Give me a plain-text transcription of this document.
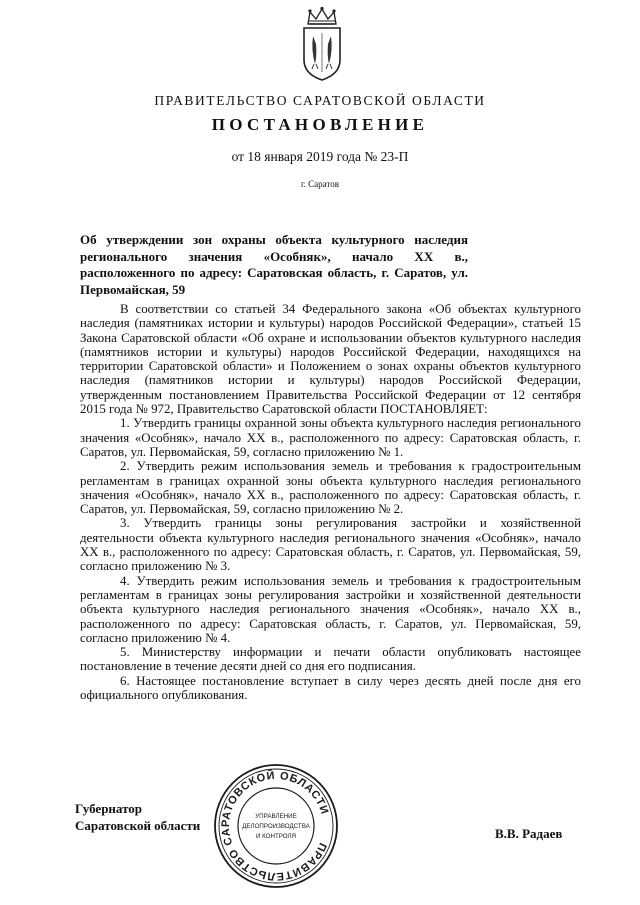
ПРАВИТЕЛЬСТВО САРАТОВСКОЙ ОБЛАСТИ
ПОСТАНОВЛЕНИЕ
от 18 января 2019 года № 23-П
г. Саратов
Об утверждении зон охраны объекта культурного наследия регионального значения «Особняк», начало XX в., расположенного по адресу: Саратовская область, г. Саратов, ул. Первомайская, 59

В соответствии со статьей 34 Федерального закона «Об объектах культурного наследия (памятниках истории и культуры) народов Российской Федерации», статьей 15 Закона Саратовской области «Об охране и использовании объектов культурного наследия (памятников истории и культуры) народов Российской Федерации, находящихся на территории Саратовской области» и Положением о зонах охраны объектов культурного наследия (памятников истории и культуры) народов Российской Федерации, утвержденным постановлением Правительства Российской Федерации от 12 сентября 2015 года № 972, Правительство Саратовской области ПОСТАНОВЛЯЕТ:

1. Утвердить границы охранной зоны объекта культурного наследия регионального значения «Особняк», начало XX в., расположенного по адресу: Саратовская область, г. Саратов, ул. Первомайская, 59, согласно приложению № 1.

2. Утвердить режим использования земель и требования к градостроительным регламентам в границах охранной зоны объекта культурного наследия регионального значения «Особняк», начало XX в., расположенного по адресу: Саратовская область, г. Саратов, ул. Первомайская, 59, согласно приложению № 2.

3. Утвердить границы зоны регулирования застройки и хозяйственной деятельности объекта культурного наследия регионального значения «Особняк», начало XX в., расположенного по адресу: Саратовская область, г. Саратов, ул. Первомайская, 59, согласно приложению № 3.

4. Утвердить режим использования земель и требования к градостроительным регламентам в границах зоны регулирования застройки и хозяйственной деятельности объекта культурного наследия регионального значения «Особняк», начало XX в., расположенного по адресу: Саратовская область, г. Саратов, ул. Первомайская, 59, согласно приложению № 4.

5. Министерству информации и печати области опубликовать настоящее постановление в течение десяти дней со дня его подписания.

6. Настоящее постановление вступает в силу через десять дней после дня его официального опубликования.

Губернатор
Саратовской области
В.В. Радаев
ПРАВИТЕЛЬСТВО САРАТОВСКОЙ ОБЛАСТИ
УПРАВЛЕНИЕ
ДЕЛОПРОИЗВОДСТВА
И КОНТРОЛЯ
